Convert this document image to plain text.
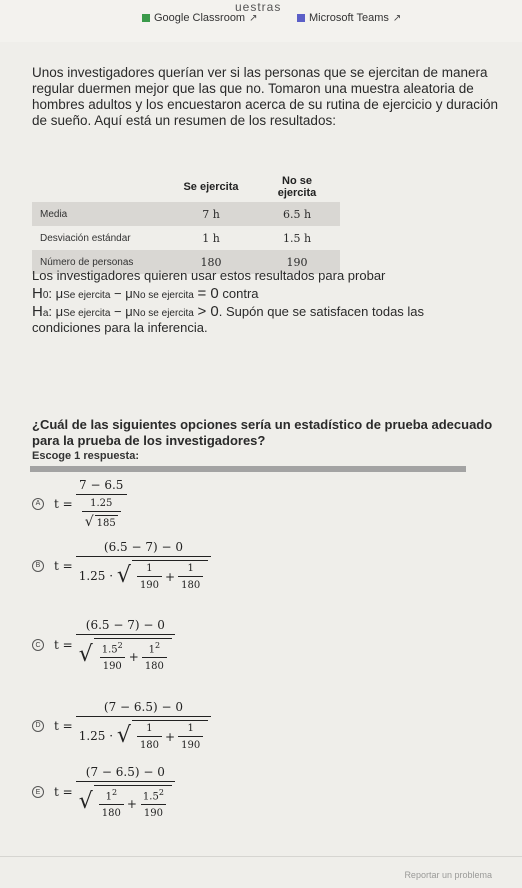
uestras
Google Classroom ↗	Microsoft Teams ↗
Unos investigadores querían ver si las personas que se ejercitan de manera regular duermen mejor que las que no. Tomaron una muestra aleatoria de hombres adultos y los encuestaron acerca de su rutina de ejercicio y duración de sueño. Aquí está un resumen de los resultados:
	Se ejercita	No se ejercita
Media	7 h	6.5 h
Desviación estándar	1 h	1.5 h
Número de personas	180	190
Los investigadores quieren usar estos resultados para probar
H0: μSe ejercita − μNo se ejercita = 0 contra
Ha: μSe ejercita − μNo se ejercita > 0. Supón que se satisfacen todas las
condiciones para la inferencia.
¿Cuál de las siguientes opciones sería un estadístico de prueba adecuado para la prueba de los investigadores?
Escoge 1 respuesta:
A	t
= $\frac{7 - 6.5}{\frac{1.25}{√ 185}}$
B	t
=
(6.5 − 7) − 0
1.25 ·
√ $\frac{1}{190} + \frac{1}{180}$
C t
=
(6.5 − 7) − 0
√ $\frac{1.5^2}{190} + \frac{1^2}{180}$
D t
=
(7 − 6.5) − 0
1.25 ·
√ $\frac{1}{180} + \frac{1}{190}$
E	t
=
(7 − 6.5) − 0
√ $\frac{1^2}{180} + \frac{1.5^2}{190}$
Reportar un problema
